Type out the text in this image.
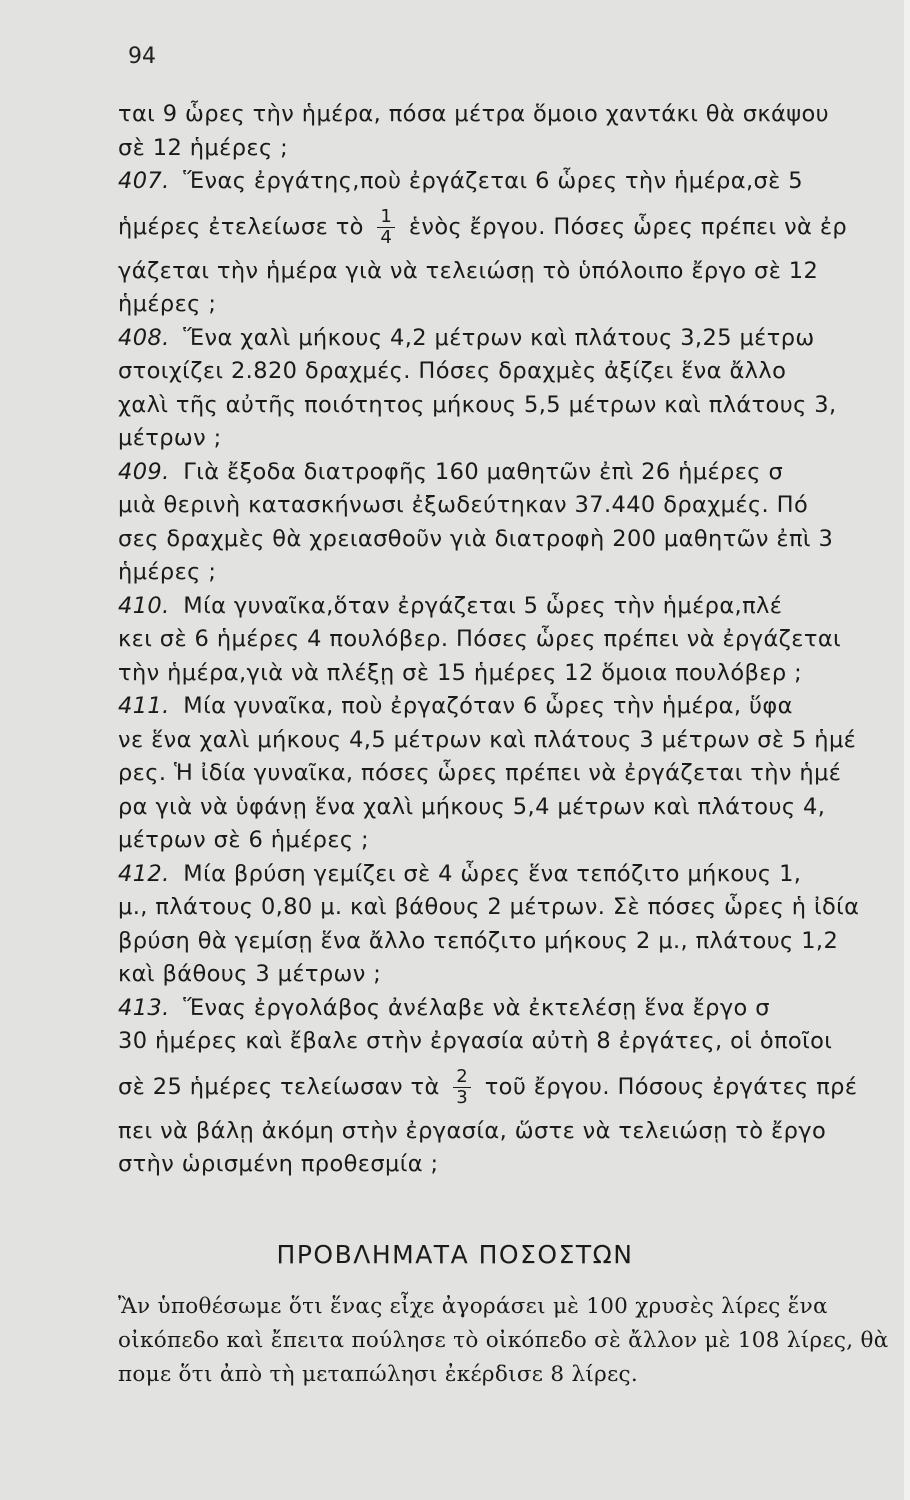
94
ται 9 ὧρες τὴν ἡμέρα, πόσα μέτρα ὅμοιο χαντάκι θὰ σκάψου
σὲ 12 ἡμέρες ;
407. Ἕνας ἐργάτης,ποὺ ἐργάζεται 6 ὧρες τὴν ἡμέρα,σὲ 5
ἡμέρες ἐτελείωσε τὸ $\frac{1}{4}$ ἑνὸς ἔργου. Πόσες ὧρες πρέπει νὰ ἐρ
γάζεται τὴν ἡμέρα γιὰ νὰ τελειώσῃ τὸ ὑπόλοιπο ἔργο σὲ 12
ἡμέρες ;
408. Ἕνα χαλὶ μήκους 4,2 μέτρων καὶ πλάτους 3,25 μέτρω
στοιχίζει 2.820 δραχμές. Πόσες δραχμὲς ἀξίζει ἕνα ἄλλο
χαλὶ τῆς αὐτῆς ποιότητος μήκους 5,5 μέτρων καὶ πλάτους 3,
μέτρων ;
409. Γιὰ ἔξοδα διατροφῆς 160 μαθητῶν ἐπὶ 26 ἡμέρες σ
μιὰ θερινὴ κατασκήνωσι ἐξωδεύτηκαν 37.440 δραχμές. Πό
σες δραχμὲς θὰ χρειασθοῦν γιὰ διατροφὴ 200 μαθητῶν ἐπὶ 3
ἡμέρες ;
410. Μία γυναῖκα,ὅταν ἐργάζεται 5 ὧρες τὴν ἡμέρα,πλέ
κει σὲ 6 ἡμέρες 4 πουλόβερ. Πόσες ὧρες πρέπει νὰ ἐργάζεται
τὴν ἡμέρα,γιὰ νὰ πλέξῃ σὲ 15 ἡμέρες 12 ὅμοια πουλόβερ ;
411. Μία γυναῖκα, ποὺ ἐργαζόταν 6 ὧρες τὴν ἡμέρα, ὕφα
νε ἕνα χαλὶ μήκους 4,5 μέτρων καὶ πλάτους 3 μέτρων σὲ 5 ἡμέ
ρες. Ἡ ἰδία γυναῖκα, πόσες ὧρες πρέπει νὰ ἐργάζεται τὴν ἡμέ
ρα γιὰ νὰ ὑφάνῃ ἕνα χαλὶ μήκους 5,4 μέτρων καὶ πλάτους 4,
μέτρων σὲ 6 ἡμέρες ;
412. Μία βρύση γεμίζει σὲ 4 ὧρες ἕνα τεπόζιτο μήκους 1,
μ., πλάτους 0,80 μ. καὶ βάθους 2 μέτρων. Σὲ πόσες ὧρες ἡ ἰδία
βρύση θὰ γεμίσῃ ἕνα ἄλλο τεπόζιτο μήκους 2 μ., πλάτους 1,2
καὶ βάθους 3 μέτρων ;
413. Ἕνας ἐργολάβος ἀνέλαβε νὰ ἐκτελέσῃ ἕνα ἔργο σ
30 ἡμέρες καὶ ἔβαλε στὴν ἐργασία αὐτὴ 8 ἐργάτες, οἱ ὁποῖοι
σὲ 25 ἡμέρες τελείωσαν τὰ $\frac{2}{3}$ τοῦ ἔργου. Πόσους ἐργάτες πρέ
πει νὰ βάλῃ ἀκόμη στὴν ἐργασία, ὥστε νὰ τελειώσῃ τὸ ἔργο
στὴν ὡρισμένη προθεσμία ;
ΠΡΟΒΛΗΜΑΤΑ ΠΟΣΟΣΤΩΝ
Ἂν ὑποθέσωμε ὅτι ἕνας εἶχε ἀγοράσει μὲ 100 χρυσὲς λίρες ἕνα
οἰκόπεδο καὶ ἔπειτα πούλησε τὸ οἰκόπεδο σὲ ἄλλον μὲ 108 λίρες, θὰ
πομε ὅτι ἀπὸ τὴ μεταπώλησι ἐκέρδισε 8 λίρες.
